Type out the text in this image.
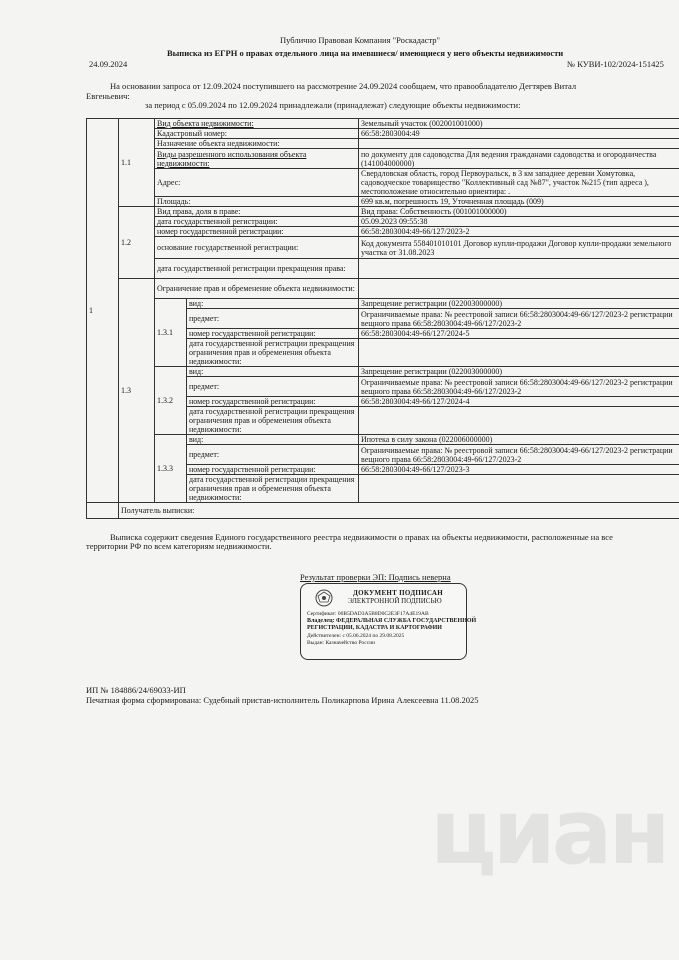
Публично Правовая Компания "Роскадастр"
Выписка из ЕГРН о правах отдельного лица на имевшиеся/ имеющиеся у него объекты недвижимости
24.09.2024	№ КУВИ-102/2024-151425
На основании запроса от 12.09.2024 поступившего на рассмотрение 24.09.2024 сообщаем, что правообладателю Дегтярев Витал
Евгеньевич:
за период с 05.09.2024 по 12.09.2024 принадлежали (принадлежат) следующие объекты недвижимости:
1	1.1	Вид объекта недвижимости:		Земельный участок (002001001000)
		Кадастровый номер:		66:58:2803004:49
		Назначение объекта недвижимости:		
		Виды разрешенного использования объекта недвижимости:		по документу для садоводства Для ведения гражданами садоводства и огородничества (141004000000)
		Адрес:		Свердловская область, город Первоуральск, в 3 км западнее деревни Хомутовка, садоводческое товарищество "Коллективный сад №87", участок №215 (тип адреса ), местоположение относительно ориентира: .
		Площадь:		699 кв.м, погрешность 19, Уточненная площадь (009)
	1.2	Вид права, доля в праве:		Вид права: Собственность (001001000000)
		дата государственной регистрации:		05.09.2023 09:55:38
		номер государственной регистрации:		66:58:2803004:49-66/127/2023-2
		основание государственной регистрации:		Код документа 558401010101 Договор купли-продажи Договор купли-продажи земельного участка от 31.08.2023
		дата государственной регистрации прекращения права:		
	1.3	Ограничение прав и обременение объекта недвижимости:		
		1.3.1	вид:	Запрещение регистрации (022003000000)
			предмет:	Ограничиваемые права: № реестровой записи 66:58:2803004:49-66/127/2023-2 регистрации вещного права 66:58:2803004:49-66/127/2023-2
			номер государственной регистрации:	66:58:2803004:49-66/127/2024-5
			дата государственной регистрации прекращения ограничения прав и обременения объекта недвижимости:	
		1.3.2	вид:	Запрещение регистрации (022003000000)
			предмет:	Ограничиваемые права: № реестровой записи 66:58:2803004:49-66/127/2023-2 регистрации вещного права 66:58:2803004:49-66/127/2023-2
			номер государственной регистрации:	66:58:2803004:49-66/127/2024-4
			дата государственной регистрации прекращения ограничения прав и обременения объекта недвижимости:	
		1.3.3	вид:	Ипотека в силу закона (022006000000)
			предмет:	Ограничиваемые права: № реестровой записи 66:58:2803004:49-66/127/2023-2 регистрации вещного права 66:58:2803004:49-66/127/2023-2
			номер государственной регистрации:	66:58:2803004:49-66/127/2023-3
			дата государственной регистрации прекращения ограничения прав и обременения объекта недвижимости:	
	Получатель выписки:			
Выписка содержит сведения Единого государственного реестра недвижимости о правах на объекты недвижимости, расположенные на все
территории РФ по всем категориям недвижимости.
Результат проверки ЭП: Подпись неверна
ДОКУМЕНТ ПОДПИСАН
ЭЛЕКТРОННОЙ ПОДПИСЬЮ
Сертификат: 00B5DAD3A5B8D0C2E3F17A4E19AB
Владелец: ФЕДЕРАЛЬНАЯ СЛУЖБА ГОСУДАРСТВЕННОЙ
РЕГИСТРАЦИИ, КАДАСТРА И КАРТОГРАФИИ
Действителен: с 05.06.2024 по 29.08.2025
Выдан: Казначейство России
ИП № 184886/24/69033-ИП
Печатная форма сформирована: Судебный пристав-исполнитель Поликарпова Ирина Алексеевна 11.08.2025
циан
